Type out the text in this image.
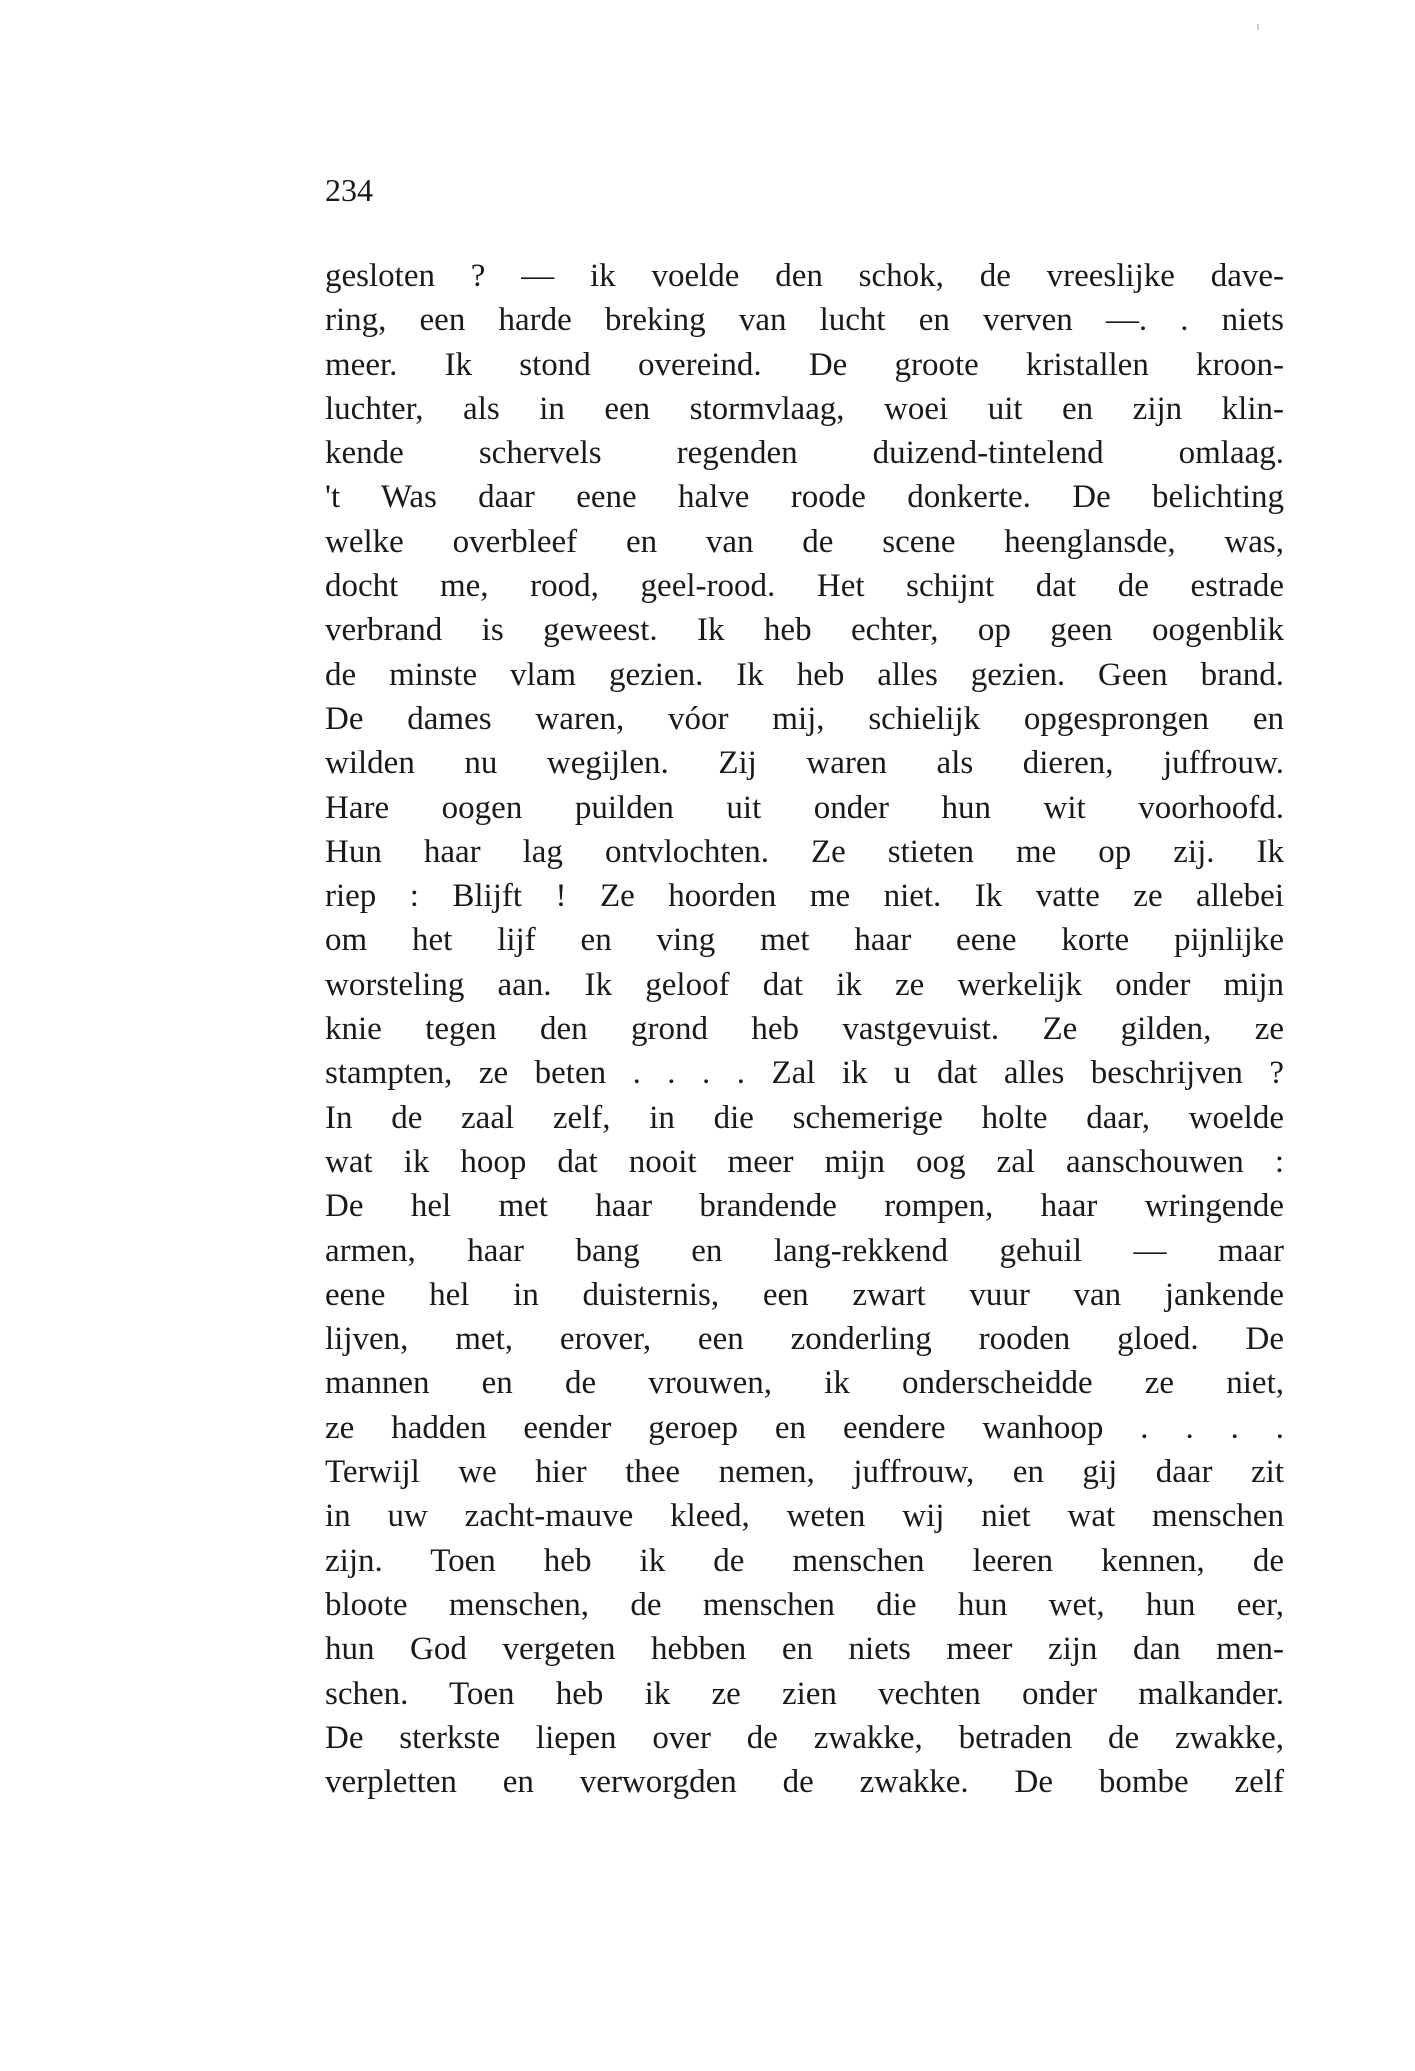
234
gesloten ? — ik voelde den schok, de vreeslijke dave-
ring, een harde breking van lucht en verven —. . niets
meer. Ik stond overeind. De groote kristallen kroon-
luchter, als in een stormvlaag, woei uit en zijn klin-
kende schervels regenden duizend-tintelend omlaag.
't Was daar eene halve roode donkerte. De belichting
welke overbleef en van de scene heenglansde, was,
docht me, rood, geel-rood. Het schijnt dat de estrade
verbrand is geweest. Ik heb echter, op geen oogenblik
de minste vlam gezien. Ik heb alles gezien. Geen brand.
De dames waren, vóor mij, schielijk opgesprongen en
wilden nu wegijlen. Zij waren als dieren, juffrouw.
Hare oogen puilden uit onder hun wit voorhoofd.
Hun haar lag ontvlochten. Ze stieten me op zij. Ik
riep : Blijft ! Ze hoorden me niet. Ik vatte ze allebei
om het lijf en ving met haar eene korte pijnlijke
worsteling aan. Ik geloof dat ik ze werkelijk onder mijn
knie tegen den grond heb vastgevuist. Ze gilden, ze
stampten, ze beten . . . . Zal ik u dat alles beschrijven ?
In de zaal zelf, in die schemerige holte daar, woelde
wat ik hoop dat nooit meer mijn oog zal aanschouwen :
De hel met haar brandende rompen, haar wringende
armen, haar bang en lang-rekkend gehuil — maar
eene hel in duisternis, een zwart vuur van jankende
lijven, met, erover, een zonderling rooden gloed. De
mannen en de vrouwen, ik onderscheidde ze niet,
ze hadden eender geroep en eendere wanhoop . . . .
Terwijl we hier thee nemen, juffrouw, en gij daar zit
in uw zacht-mauve kleed, weten wij niet wat menschen
zijn. Toen heb ik de menschen leeren kennen, de
bloote menschen, de menschen die hun wet, hun eer,
hun God vergeten hebben en niets meer zijn dan men-
schen. Toen heb ik ze zien vechten onder malkander.
De sterkste liepen over de zwakke, betraden de zwakke,
verpletten en verworgden de zwakke. De bombe zelf
